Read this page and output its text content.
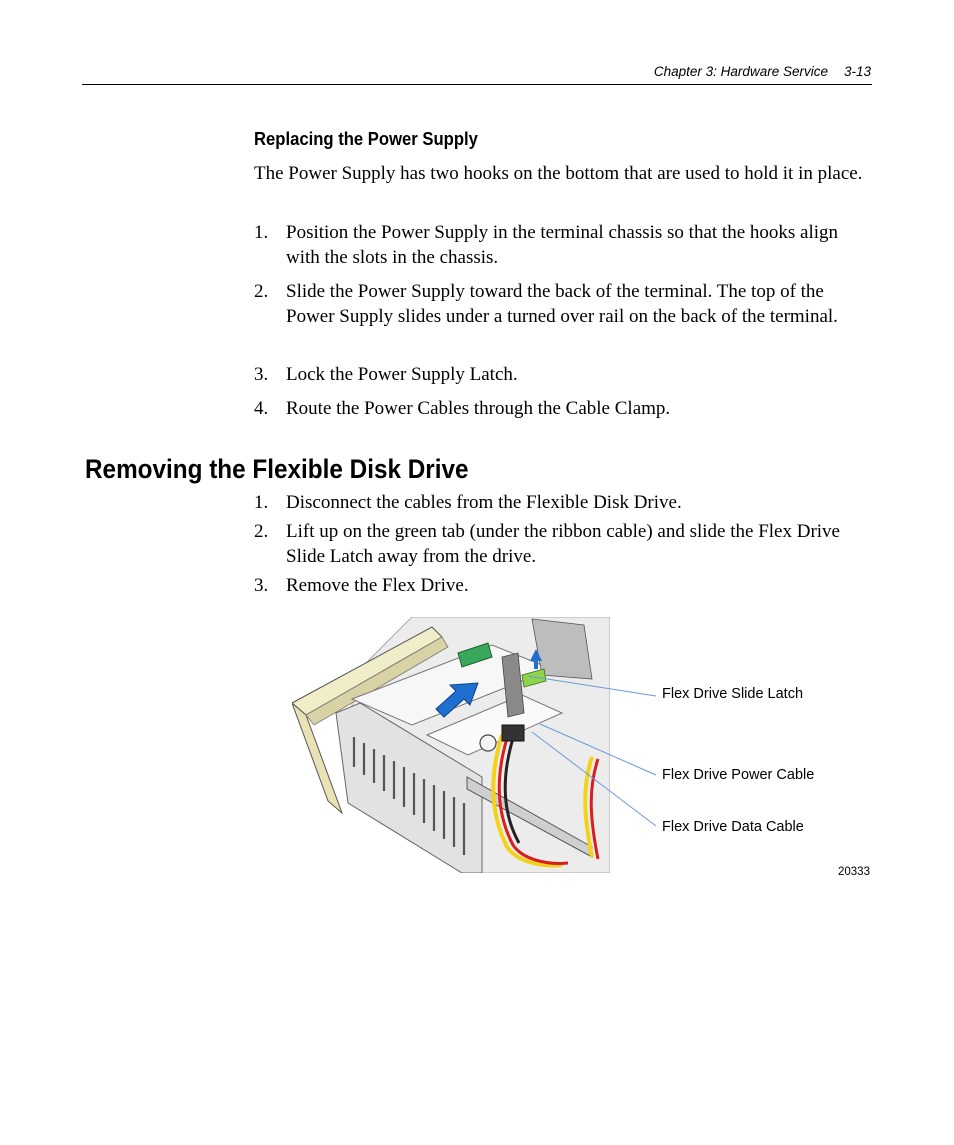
Chapter 3: Hardware Service 3-13
Replacing the Power Supply
The Power Supply has two hooks on the bottom that are used to hold it in place.
1. Position the Power Supply in the terminal chassis so that the hooks align with the slots in the chassis.
2. Slide the Power Supply toward the back of the terminal. The top of the Power Supply slides under a turned over rail on the back of the terminal.
3. Lock the Power Supply Latch.
4. Route the Power Cables through the Cable Clamp.
Removing the Flexible Disk Drive
1. Disconnect the cables from the Flexible Disk Drive.
2. Lift up on the green tab (under the ribbon cable) and slide the Flex Drive Slide Latch away from the drive.
3. Remove the Flex Drive.
Flex Drive Slide Latch
Flex Drive Power Cable
Flex Drive Data Cable
20333
